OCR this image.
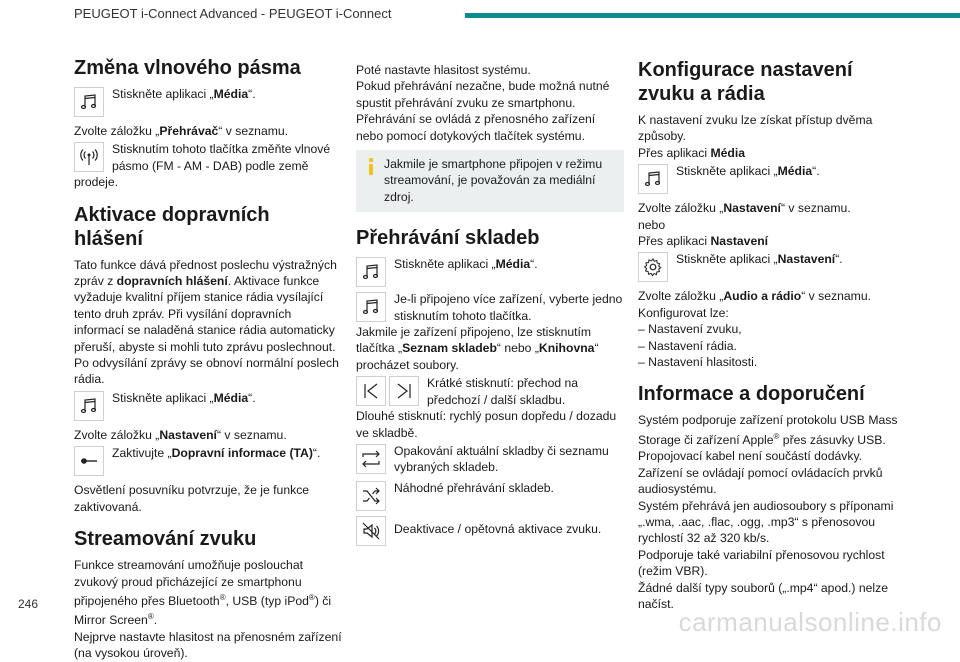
PEUGEOT i-Connect Advanced - PEUGEOT i-Connect
Změna vlnového pásma
Stiskněte aplikaci „Média“.

Zvolte záložku „Přehrávač“ v seznamu.

Stisknutím tohoto tlačítka změňte vlnové pásmo (FM - AM - DAB) podle země

prodeje.

Aktivace dopravních hlášení

Tato funkce dává přednost poslechu výstražných zpráv z dopravních hlášení. Aktivace funkce vyžaduje kvalitní příjem stanice rádia vysílající tento druh zpráv. Při vysílání dopravních informací se naladěná stanice rádia automaticky přeruší, abyste si mohli tuto zprávu poslechnout. Po odvysílání zprávy se obnoví normální poslech rádia.

Stiskněte aplikaci „Média“.

Zvolte záložku „Nastavení“ v seznamu.

Zaktivujte „Dopravní informace (TA)“.

Osvětlení posuvníku potvrzuje, že je funkce zaktivovaná.

Streamování zvuku

Funkce streamování umožňuje poslouchat zvukový proud přicházející ze smartphonu připojeného přes Bluetooth®, USB (typ iPod®) či Mirror Screen®.

Nejprve nastavte hlasitost na přenosném zařízení (na vysokou úroveň).

Poté nastavte hlasitost systému.

Pokud přehrávání nezačne, bude možná nutné spustit přehrávání zvuku ze smartphonu.

Přehrávání se ovládá z přenosného zařízení nebo pomocí dotykových tlačítek systému.

Jakmile je smartphone připojen v režimu streamování, je považován za mediální zdroj.
Přehrávání skladeb
Stiskněte aplikaci „Média“.
Je-li připojeno více zařízení, vyberte jedno stisknutím tohoto tlačítka.

Jakmile je zařízení připojeno, lze stisknutím tlačítka „Seznam skladeb“ nebo „Knihovna“ procházet soubory.

Krátké stisknutí: přechod na předchozí / další skladbu.

Dlouhé stisknutí: rychlý posun dopředu / dozadu ve skladbě.

Opakování aktuální skladby či seznamu vybraných skladeb.
Náhodné přehrávání skladeb.
Deaktivace / opětovná aktivace zvuku.
Konfigurace nastavení zvuku a rádia

K nastavení zvuku lze získat přístup dvěma způsoby.

Přes aplikaci Média

Stiskněte aplikaci „Média“.

Zvolte záložku „Nastavení“ v seznamu.

nebo

Přes aplikaci Nastavení

Stiskněte aplikaci „Nastavení“.

Zvolte záložku „Audio a rádio“ v seznamu.

Konfigurovat lze:

– Nastavení zvuku,
– Nastavení rádia.
– Nastavení hlasitosti.
Informace a doporučení

Systém podporuje zařízení protokolu USB Mass Storage či zařízení Apple® přes zásuvky USB. Propojovací kabel není součástí dodávky.

Zařízení se ovládají pomocí ovládacích prvků audiosystému.

Systém přehrává jen audiosoubory s příponami „.wma, .aac, .flac, .ogg, .mp3“ s přenosovou rychlostí 32 až 320 kb/s.

Podporuje také variabilní přenosovou rychlost (režim VBR).

Žádné další typy souborů („.mp4“ apod.) nelze načíst.

246
carmanualsonline.info
